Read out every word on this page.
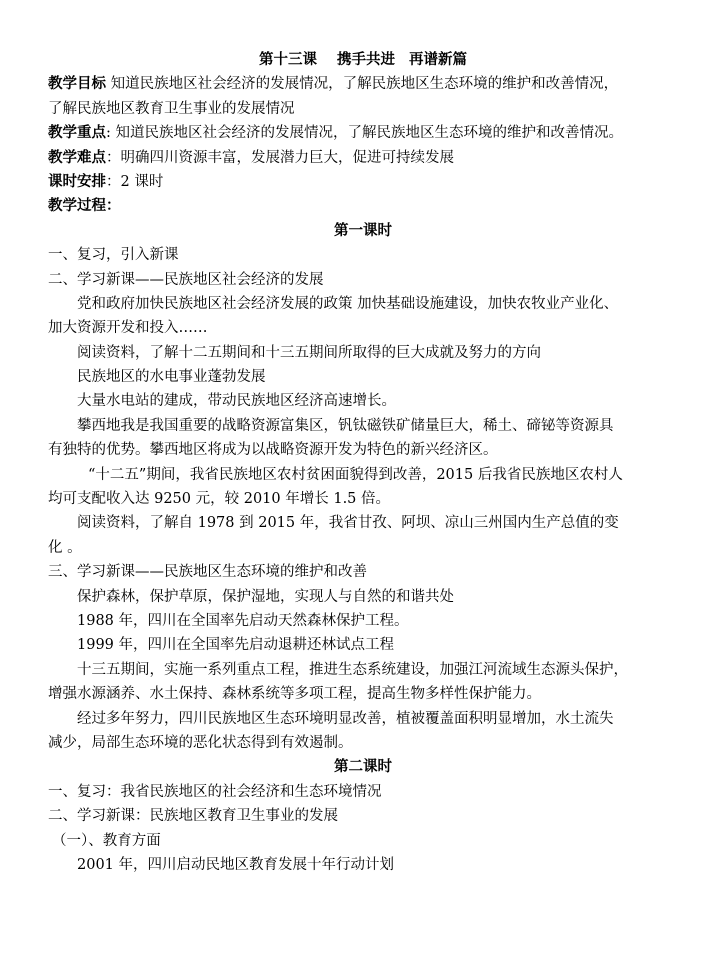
第十三课 携手共进 再谱新篇
教学目标 知道民族地区社会经济的发展情况，了解民族地区生态环境的维护和改善情况，
了解民族地区教育卫生事业的发展情况
教学重点: 知道民族地区社会经济的发展情况，了解民族地区生态环境的维护和改善情况。
教学难点：明确四川资源丰富，发展潜力巨大，促进可持续发展
课时安排：2 课时
教学过程：
第一课时
一、复习，引入新课
二、学习新课——民族地区社会经济的发展
党和政府加快民族地区社会经济发展的政策 加快基础设施建设，加快农牧业产业化、
加大资源开发和投入……
阅读资料，了解十二五期间和十三五期间所取得的巨大成就及努力的方向
民族地区的水电事业蓬勃发展
大量水电站的建成，带动民族地区经济高速增长。
攀西地我是我国重要的战略资源富集区，钒钛磁铁矿储量巨大，稀土、碲铋等资源具
有独特的优势。攀西地区将成为以战略资源开发为特色的新兴经济区。
“十二五”期间，我省民族地区农村贫困面貌得到改善，2015 后我省民族地区农村人
均可支配收入达 9250 元，较 2010 年增长 1.5 倍。
阅读资料，了解自 1978 到 2015 年，我省甘孜、阿坝、凉山三州国内生产总值的变
化 。
三、学习新课——民族地区生态环境的维护和改善
保护森林，保护草原，保护湿地，实现人与自然的和谐共处
1988 年，四川在全国率先启动天然森林保护工程。
1999 年，四川在全国率先启动退耕还林试点工程
十三五期间，实施一系列重点工程，推进生态系统建设，加强江河流域生态源头保护，
增强水源涵养、水土保持、森林系统等多项工程，提高生物多样性保护能力。
经过多年努力，四川民族地区生态环境明显改善，植被覆盖面积明显增加，水土流失
减少，局部生态环境的恶化状态得到有效遏制。
第二课时
一、复习：我省民族地区的社会经济和生态环境情况
二、学习新课：民族地区教育卫生事业的发展
（一）、教育方面
2001 年，四川启动民地区教育发展十年行动计划
